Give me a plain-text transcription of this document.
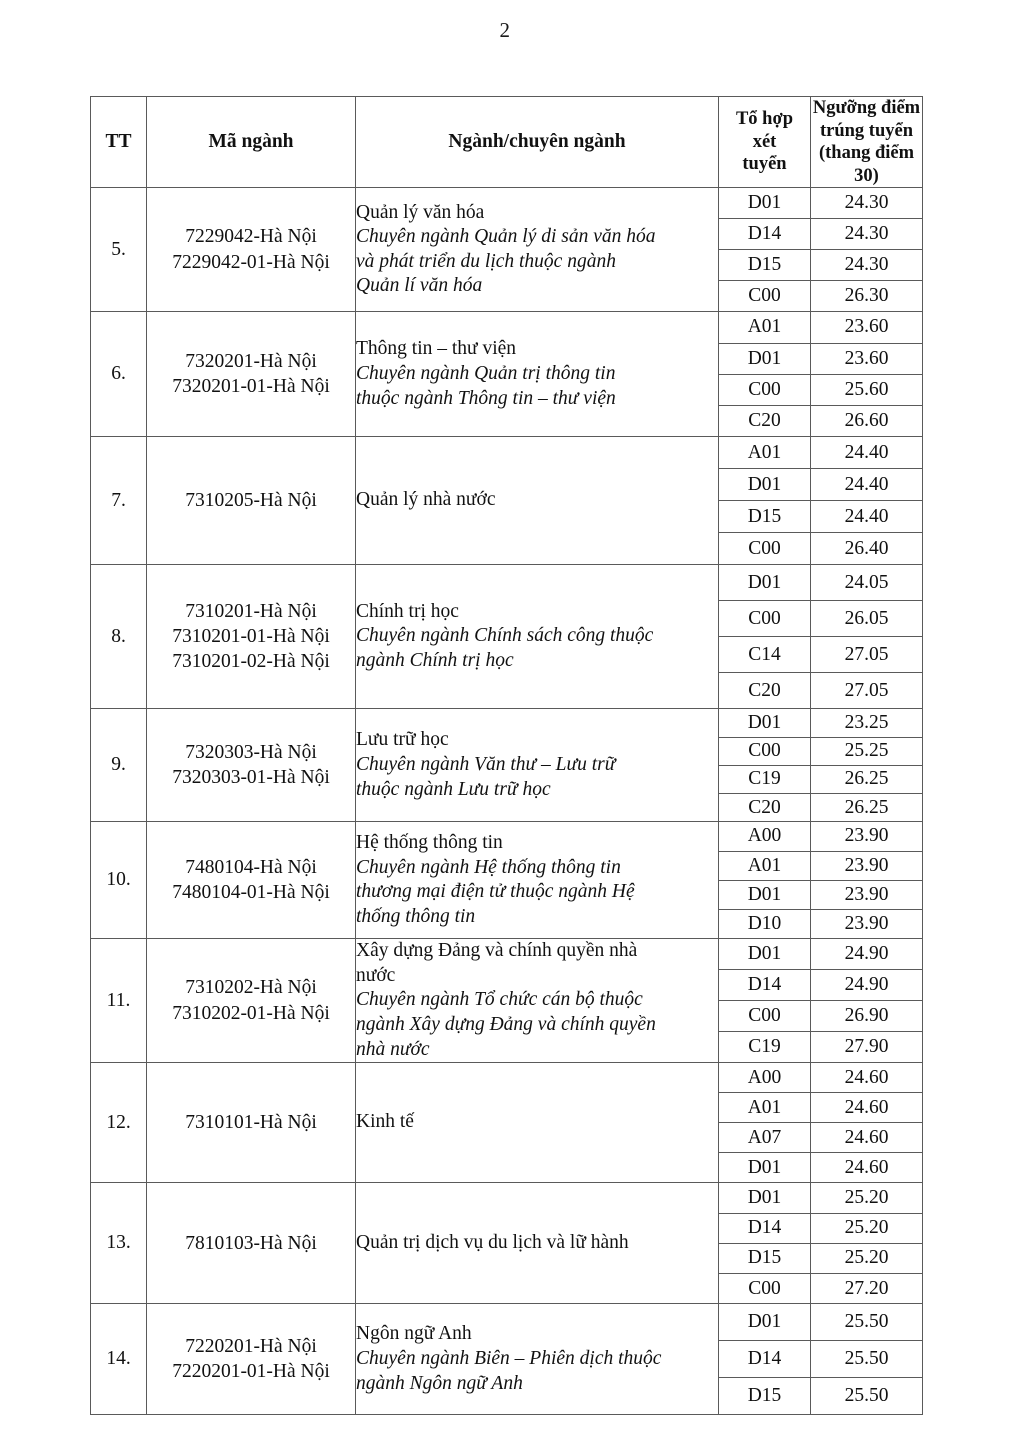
2
TT	Mã ngành	Ngành/chuyên ngành	Tổ hợp
xét
tuyển	Ngưỡng điểm
trúng tuyển
(thang điểm 30)

5.	7229042-Hà Nội
7229042-01-Hà Nội	Quản lý văn hóa
Chuyên ngành Quản lý di sản văn hóa
và phát triển du lịch thuộc ngành
Quản lí văn hóa	D01	24.30
			D14	24.30
			D15	24.30
			C00	26.30
6.	7320201-Hà Nội
7320201-01-Hà Nội	Thông tin – thư viện
Chuyên ngành Quản trị thông tin
thuộc ngành Thông tin – thư viện	A01	23.60
			D01	23.60
			C00	25.60
			C20	26.60
7.	7310205-Hà Nội	Quản lý nhà nước	A01	24.40
			D01	24.40
			D15	24.40
			C00	26.40
8.	7310201-Hà Nội
7310201-01-Hà Nội
7310201-02-Hà Nội	Chính trị học
Chuyên ngành Chính sách công thuộc
ngành Chính trị học	D01	24.05
			C00	26.05
			C14	27.05
			C20	27.05
9.	7320303-Hà Nội
7320303-01-Hà Nội	Lưu trữ học
Chuyên ngành Văn thư – Lưu trữ
thuộc ngành Lưu trữ học	D01	23.25
			C00	25.25
			C19	26.25
			C20	26.25
10.	7480104-Hà Nội
7480104-01-Hà Nội	Hệ thống thông tin
Chuyên ngành Hệ thống thông tin
thương mại điện tử thuộc ngành Hệ
thống thông tin	A00	23.90
			A01	23.90
			D01	23.90
			D10	23.90
11.	7310202-Hà Nội
7310202-01-Hà Nội	Xây dựng Đảng và chính quyền nhà
nước
Chuyên ngành Tổ chức cán bộ thuộc
ngành Xây dựng Đảng và chính quyền
nhà nước	D01	24.90
			D14	24.90
			C00	26.90
			C19	27.90
12.	7310101-Hà Nội	Kinh tế	A00	24.60
			A01	24.60
			A07	24.60
			D01	24.60
13.	7810103-Hà Nội	Quản trị dịch vụ du lịch và lữ hành	D01	25.20
			D14	25.20
			D15	25.20
			C00	27.20
14.	7220201-Hà Nội
7220201-01-Hà Nội	Ngôn ngữ Anh
Chuyên ngành Biên – Phiên dịch thuộc
ngành Ngôn ngữ Anh	D01	25.50
			D14	25.50
			D15	25.50
